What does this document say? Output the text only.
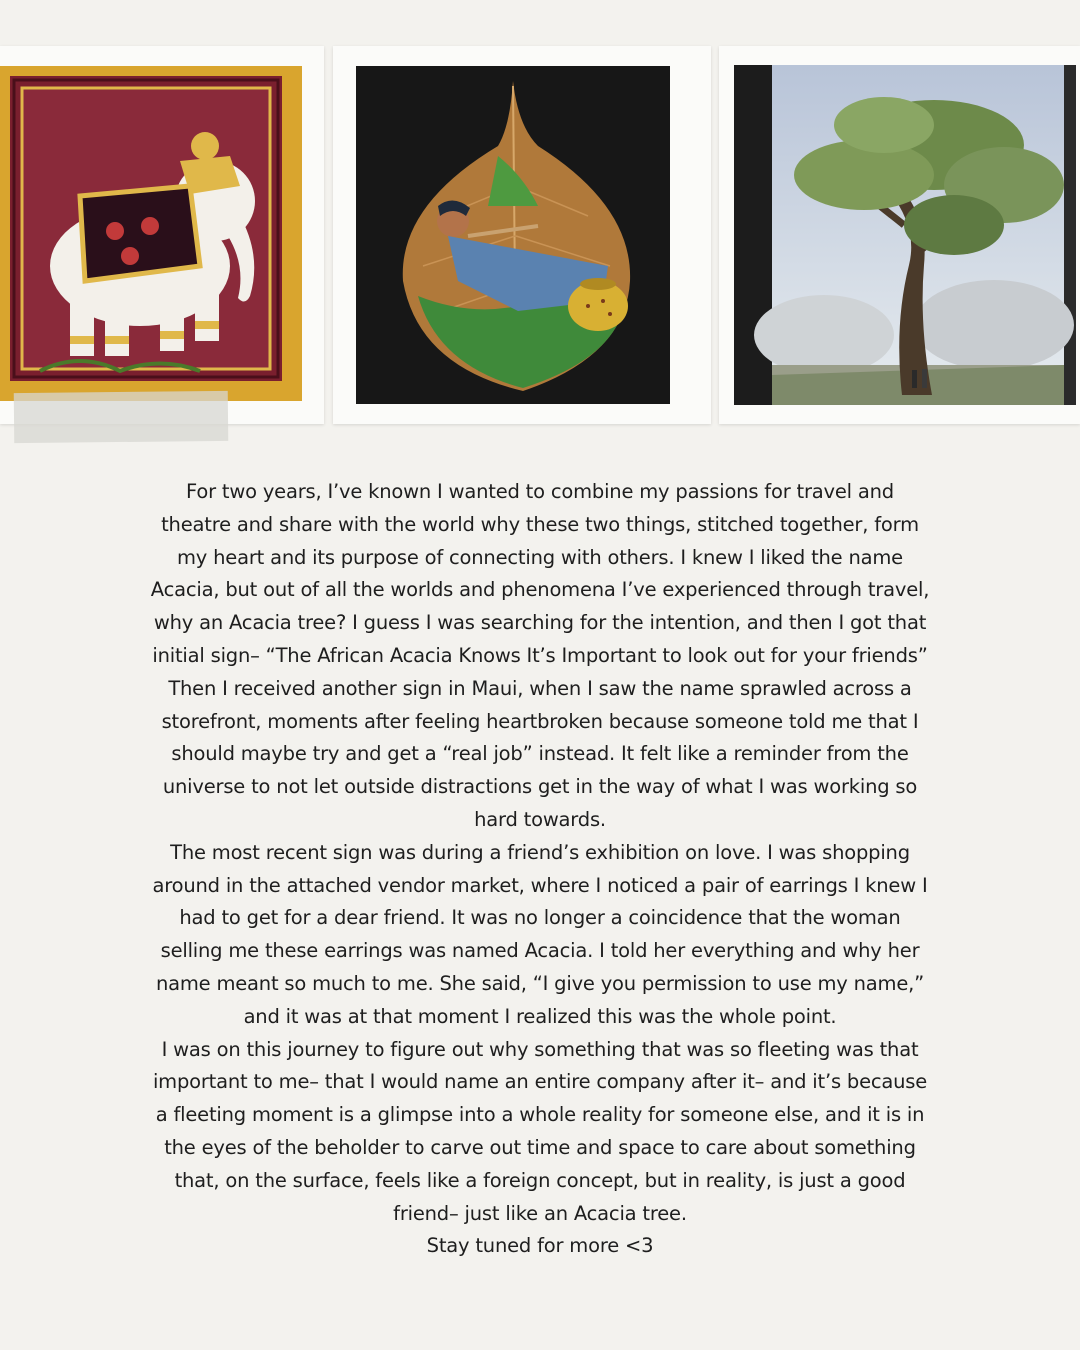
For two years, I’ve known I wanted to combine my passions for travel and theatre and share with the world why these two things, stitched together, form my heart and its purpose of connecting with others. I knew I liked the name Acacia, but out of all the worlds and phenomena I’ve experienced through travel, why an Acacia tree? I guess I was searching for the intention, and then I got that initial sign– “The African Acacia Knows It’s Important to look out for your friends”

Then I received another sign in Maui, when I saw the name sprawled across a storefront, moments after feeling heartbroken because someone told me that I should maybe try and get a “real job” instead. It felt like a reminder from the universe to not let outside distractions get in the way of what I was working so hard towards.

The most recent sign was during a friend’s exhibition on love. I was shopping around in the attached vendor market, where I noticed a pair of earrings I knew I had to get for a dear friend. It was no longer a coincidence that the woman selling me these earrings was named Acacia. I told her everything and why her name meant so much to me. She said, “I give you permission to use my name,” and it was at that moment I realized this was the whole point.

I was on this journey to figure out why something that was so fleeting was that important to me– that I would name an entire company after it– and it’s because a fleeting moment is a glimpse into a whole reality for someone else, and it is in the eyes of the beholder to carve out time and space to care about something that, on the surface, feels like a foreign concept, but in reality, is just a good friend– just like an Acacia tree.

Stay tuned for more <3
